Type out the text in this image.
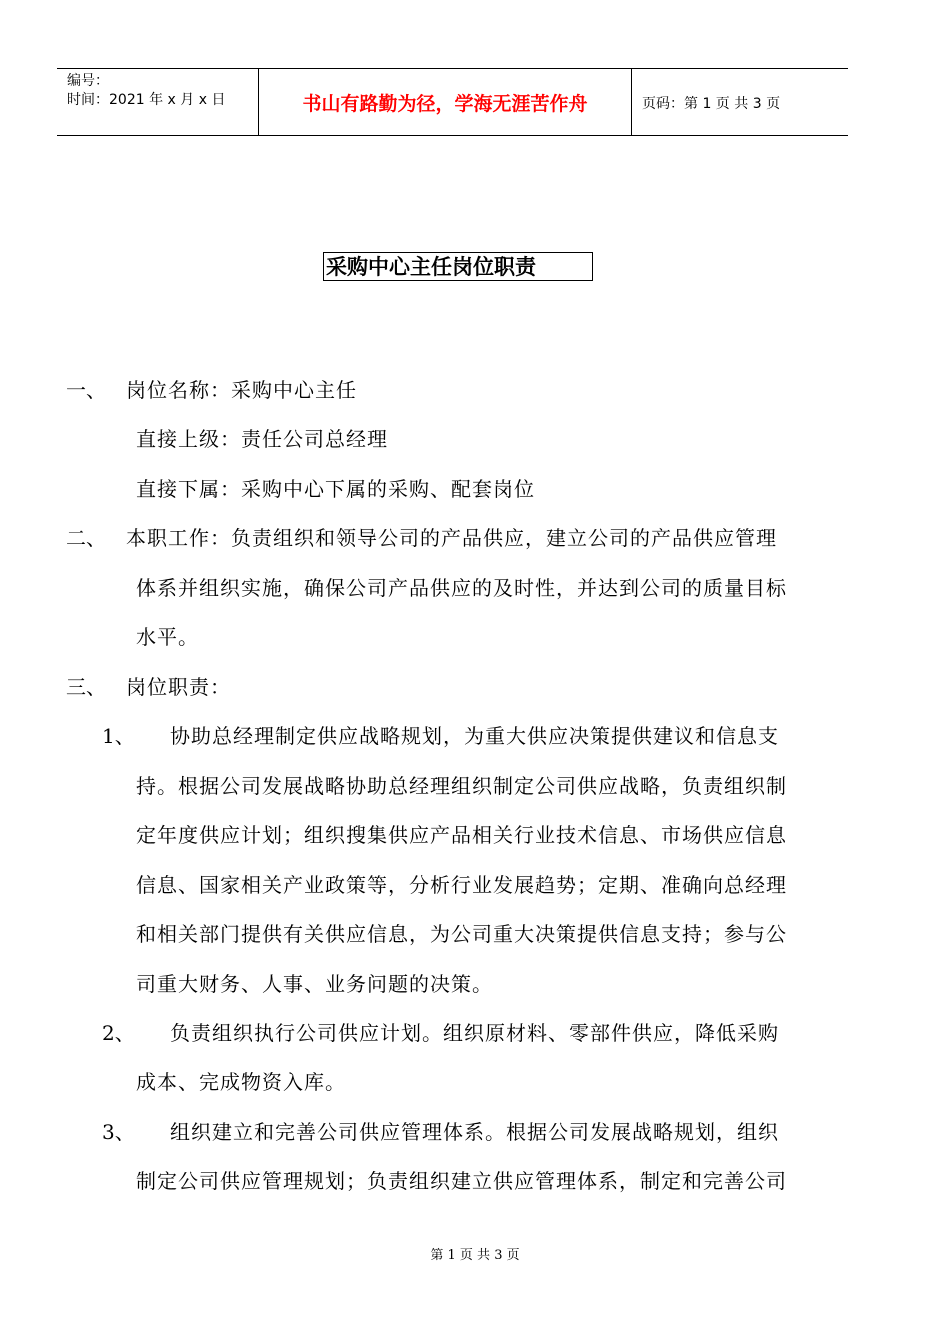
编号：
时间：2021 年 x 月 x 日	书山有路勤为径，学海无涯苦作舟	页码：第 1 页 共 3 页
采购中心主任岗位职责
一、 岗位名称：采购中心主任
直接上级：责任公司总经理
直接下属：采购中心下属的采购、配套岗位
二、 本职工作：负责组织和领导公司的产品供应，建立公司的产品供应管理
体系并组织实施，确保公司产品供应的及时性，并达到公司的质量目标
水平。
三、 岗位职责：
1、 协助总经理制定供应战略规划，为重大供应决策提供建议和信息支
持。根据公司发展战略协助总经理组织制定公司供应战略，负责组织制
定年度供应计划；组织搜集供应产品相关行业技术信息、市场供应信息
信息、国家相关产业政策等，分析行业发展趋势；定期、准确向总经理
和相关部门提供有关供应信息，为公司重大决策提供信息支持；参与公
司重大财务、人事、业务问题的决策。
2、 负责组织执行公司供应计划。组织原材料、零部件供应，降低采购
成本、完成物资入库。
3、 组织建立和完善公司供应管理体系。根据公司发展战略规划，组织
制定公司供应管理规划；负责组织建立供应管理体系，制定和完善公司
第 1 页 共 3 页
